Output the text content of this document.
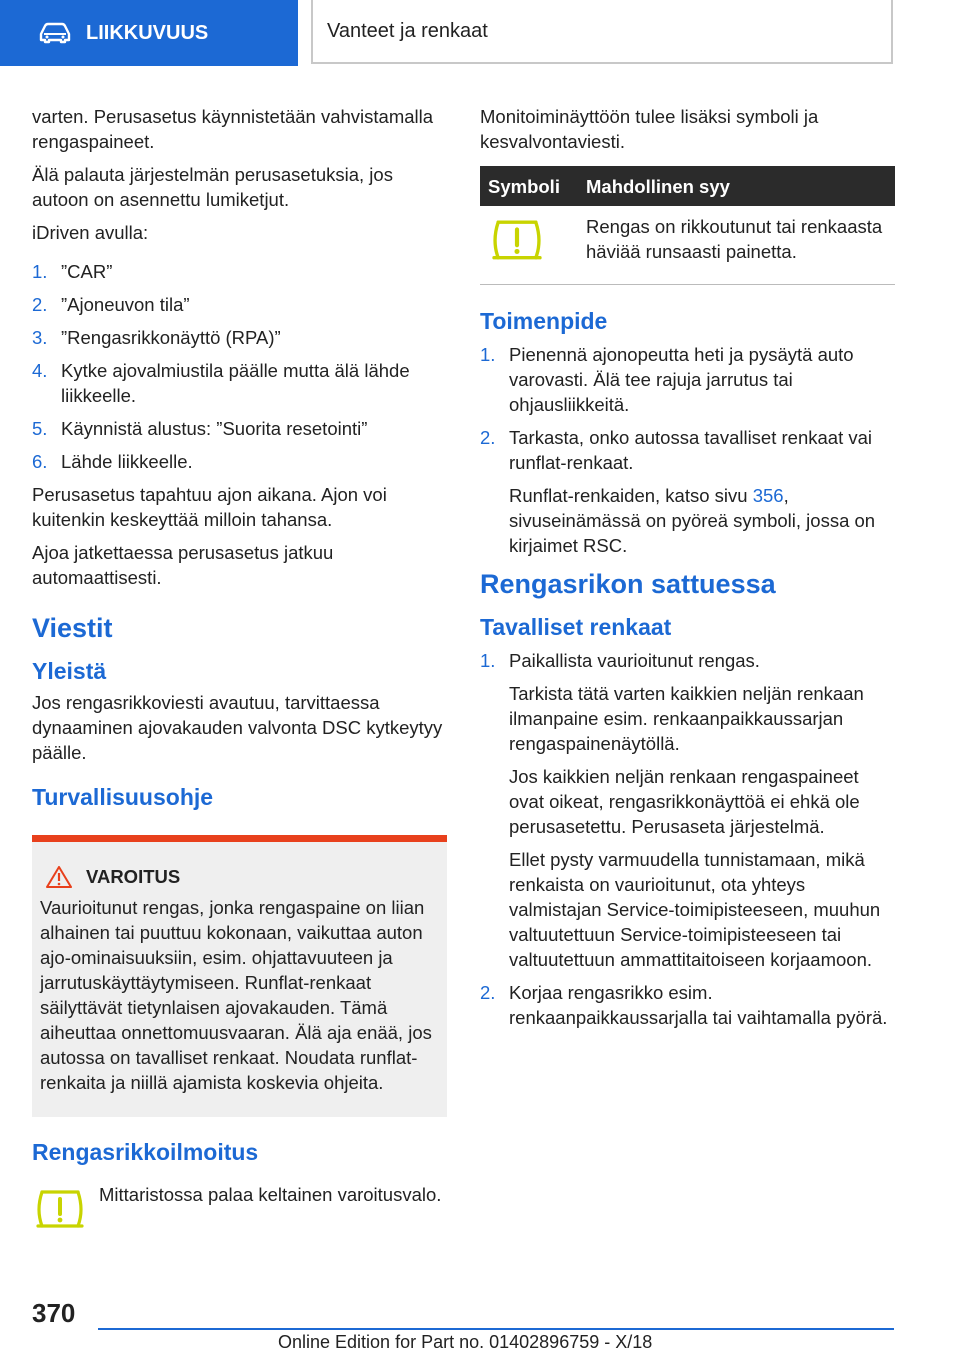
LIIKKUVUUS	Vanteet ja renkaat

varten. Perusasetus käynnistetään vahvistamalla rengaspaineet.

Älä palauta järjestelmän perusasetuksia, jos autoon on asennettu lumiketjut.

iDriven avulla:

1. ”CAR”
2. ”Ajoneuvon tila”
3. ”Rengasrikkonäyttö (RPA)”
4. Kytke ajovalmiustila päälle mutta älä lähde liikkeelle.
5. Käynnistä alustus: ”Suorita resetointi”
6. Lähde liikkeelle.

Perusasetus tapahtuu ajon aikana. Ajon voi kuitenkin keskeyttää milloin tahansa.

Ajoa jatkettaessa perusasetus jatkuu automaattisesti.

Viestit
Yleistä

Jos rengasrikkoviesti avautuu, tarvittaessa dynaaminen ajovakauden valvonta DSC kytkeytyy päälle.

Turvallisuusohje
VAROITUS
Vaurioitunut rengas, jonka rengaspaine on liian alhainen tai puuttuu kokonaan, vaikuttaa auton ajo-ominaisuuksiin, esim. ohjattavuuteen ja jarrutuskäyttäytymiseen. Runflat-renkaat säilyttävät tietynlaisen ajovakauden. Tämä aiheuttaa onnettomuusvaaran. Älä aja enää, jos autossa on tavalliset renkaat. Noudata runflat-renkaita ja niillä ajamista koskevia ohjeita.
Rengasrikkoilmoitus
Mittaristossa palaa keltainen varoitusvalo.

Monitoiminäyttöön tulee lisäksi symboli ja kesvalvontaviesti.

Symboli	Mahdollinen syy
	Rengas on rikkoutunut tai renkaasta häviää runsaasti painetta.
Toimenpide
1. Pienennä ajonopeutta heti ja pysäytä auto varovasti. Älä tee rajuja jarrutus tai ohjausliikkeitä.

2. Tarkasta, onko autossa tavalliset renkaat vai runflat-renkaat.

Runflat-renkaiden, katso sivu 356, sivuseinämässä on pyöreä symboli, jossa on kirjaimet RSC.

Rengasrikon sattuessa
Tavalliset renkaat
1. Paikallista vaurioitunut rengas.

Tarkista tätä varten kaikkien neljän renkaan ilmanpaine esim. renkaanpaikkaussarjan rengaspainenäytöllä.

Jos kaikkien neljän renkaan rengaspaineet ovat oikeat, rengasrikkonäyttöä ei ehkä ole perusasetettu. Perusaseta järjestelmä.

Ellet pysty varmuudella tunnistamaan, mikä renkaista on vaurioitunut, ota yhteys valmistajan Service-toimipisteeseen, muuhun valtuutettuun Service-toimipisteeseen tai valtuutettuun ammattitaitoiseen korjaamoon.

2. Korjaa rengasrikko esim. renkaanpaikkaussarjalla tai vaihtamalla pyörä.

370
Online Edition for Part no. 01402896759 - X/18
